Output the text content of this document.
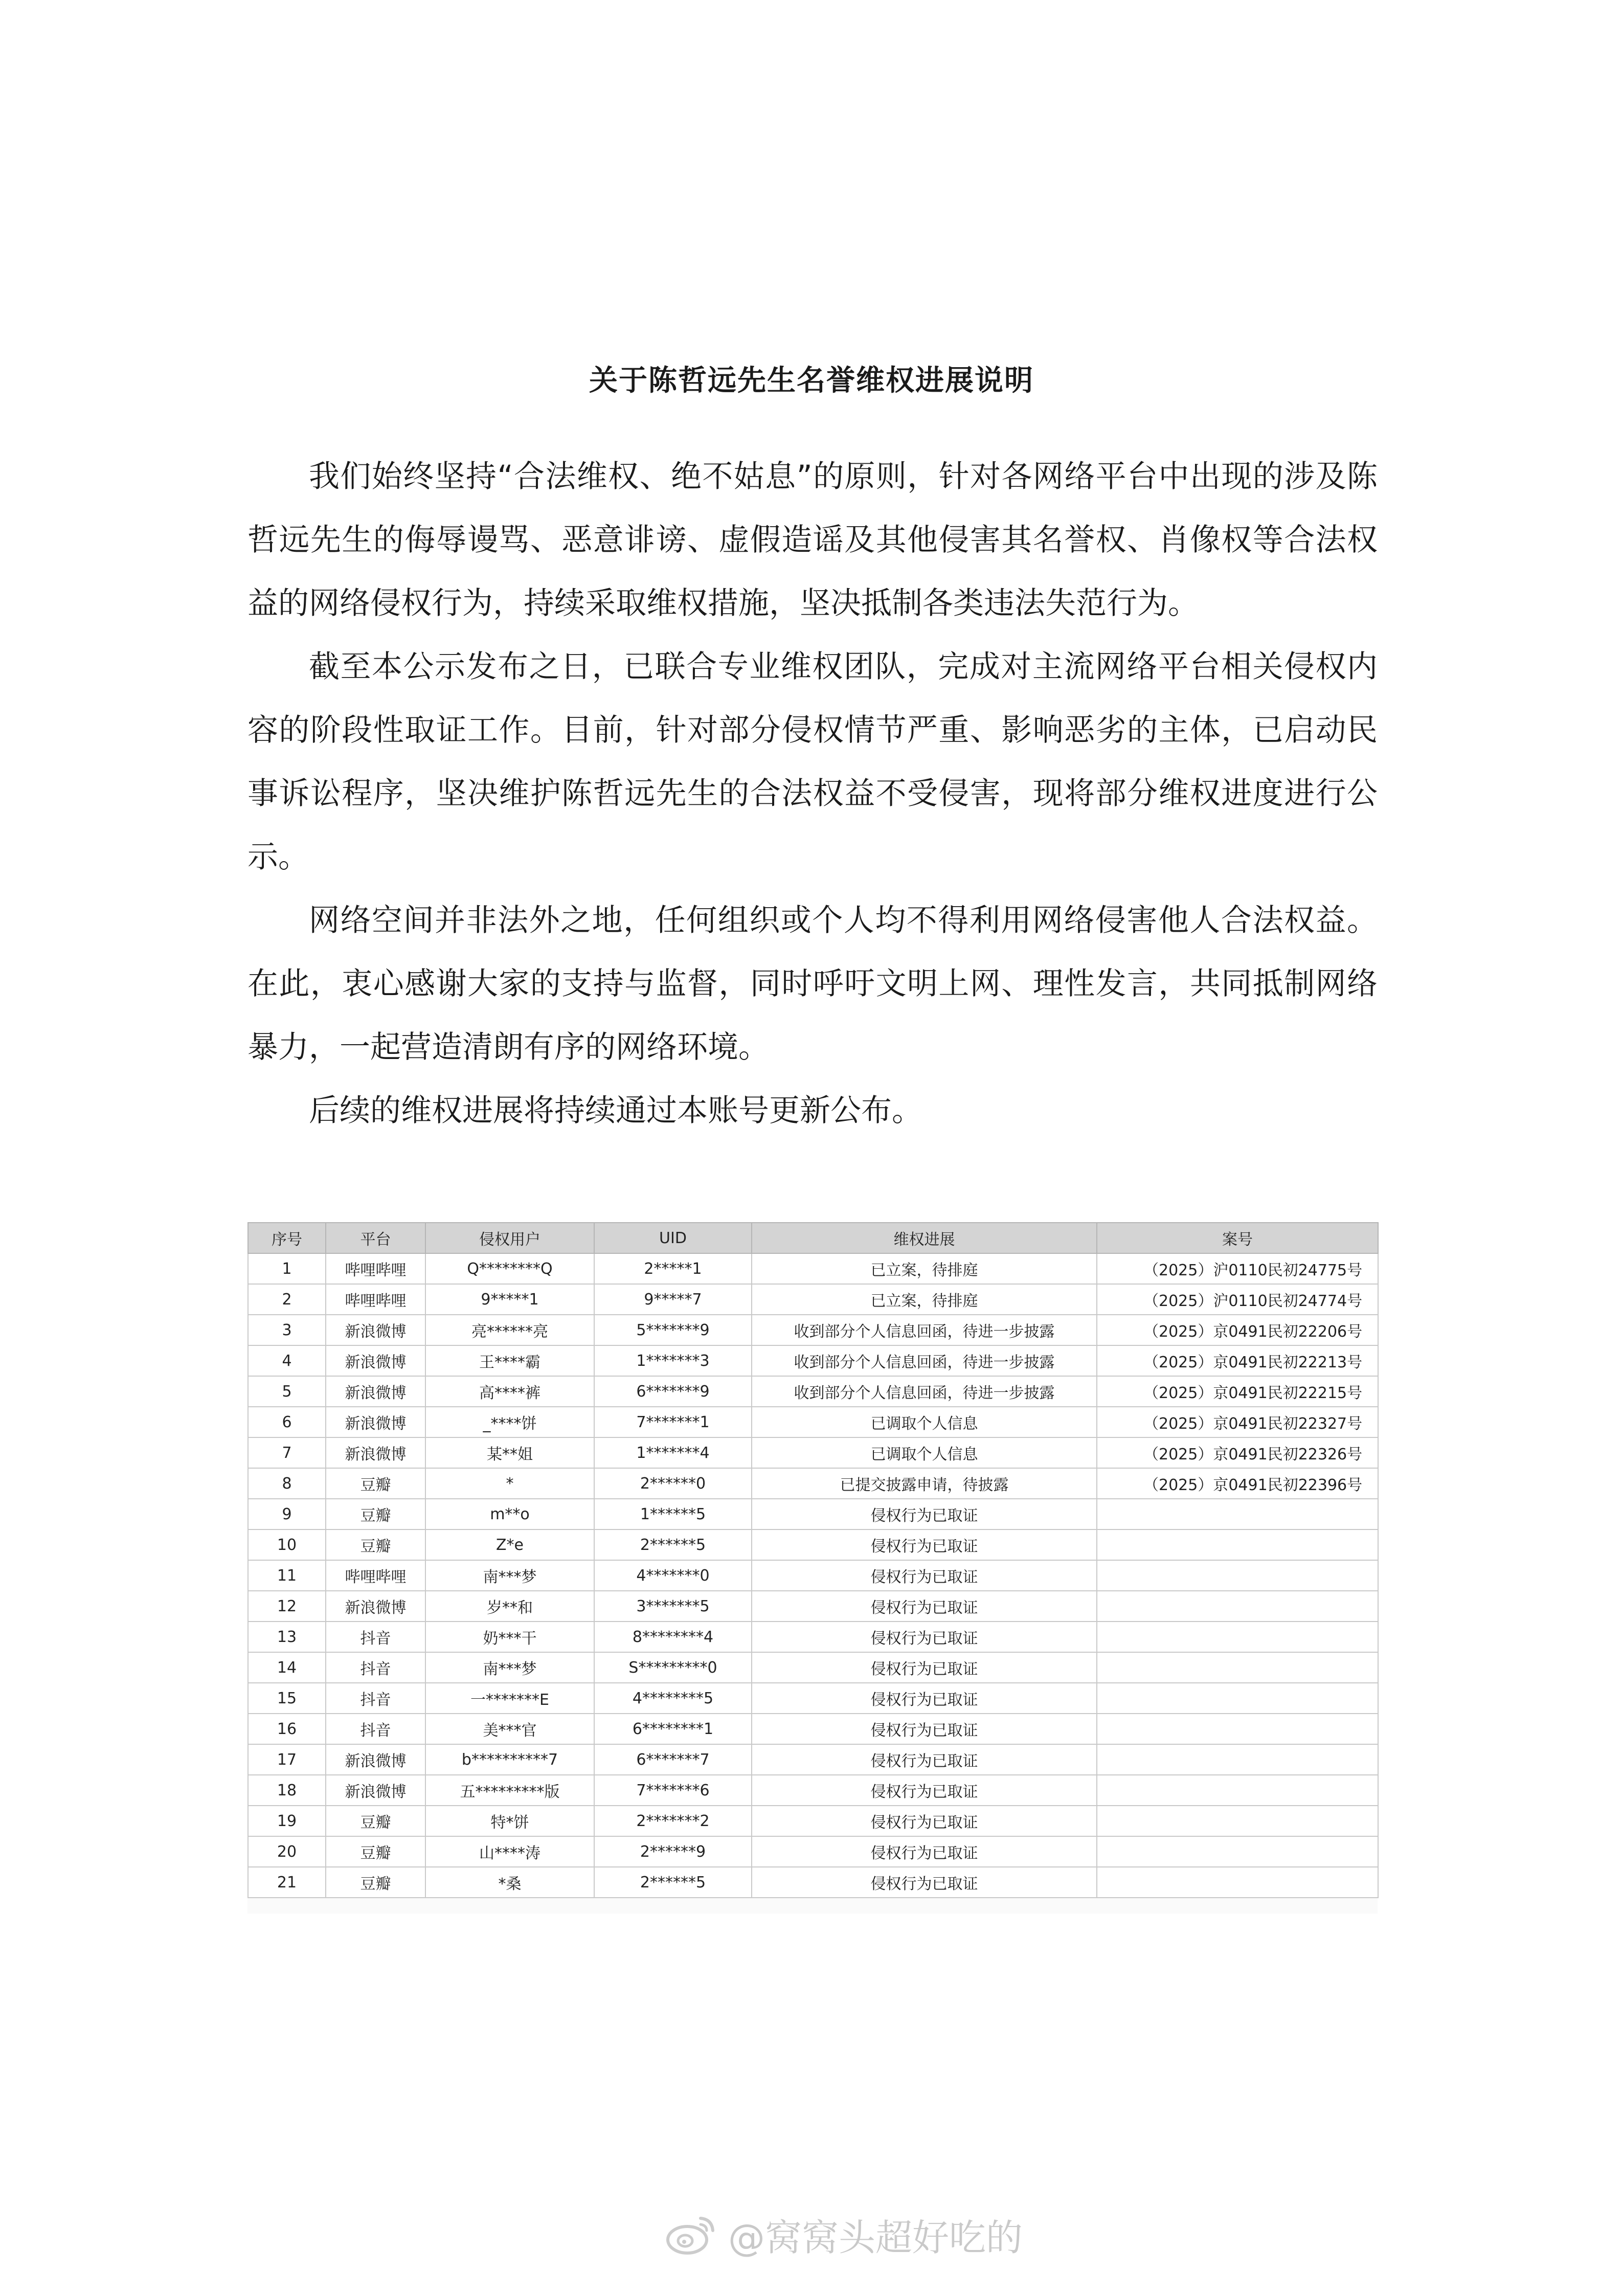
关于陈哲远先生名誉维权进展说明

我们始终坚持“合法维权、绝不姑息”的原则，针对各网络平台中出现的涉及陈哲远先生的侮辱谩骂、恶意诽谤、虚假造谣及其他侵害其名誉权、肖像权等合法权益的网络侵权行为，持续采取维权措施，坚决抵制各类违法失范行为。

截至本公示发布之日，已联合专业维权团队，完成对主流网络平台相关侵权内容的阶段性取证工作。目前，针对部分侵权情节严重、影响恶劣的主体，已启动民事诉讼程序，坚决维护陈哲远先生的合法权益不受侵害，现将部分维权进度进行公示。

网络空间并非法外之地，任何组织或个人均不得利用网络侵害他人合法权益。在此，衷心感谢大家的支持与监督，同时呼吁文明上网、理性发言，共同抵制网络暴力，一起营造清朗有序的网络环境。

后续的维权进展将持续通过本账号更新公布。

序号	平台	侵权用户	UID	维权进展	案号
1	哔哩哔哩	Q********Q	2*****1	已立案，待排庭	（2025）沪0110民初24775号
2	哔哩哔哩	9*****1	9*****7	已立案，待排庭	（2025）沪0110民初24774号
3	新浪微博	亮******亮	5*******9	收到部分个人信息回函，待进一步披露	（2025）京0491民初22206号
4	新浪微博	王****霸	1*******3	收到部分个人信息回函，待进一步披露	（2025）京0491民初22213号
5	新浪微博	高****裤	6*******9	收到部分个人信息回函，待进一步披露	（2025）京0491民初22215号
6	新浪微博	_****饼	7*******1	已调取个人信息	（2025）京0491民初22327号
7	新浪微博	某**姐	1*******4	已调取个人信息	（2025）京0491民初22326号
8	豆瓣	*	2******0	已提交披露申请，待披露	（2025）京0491民初22396号
9	豆瓣	m**o	1******5	侵权行为已取证	
10	豆瓣	Z*e	2******5	侵权行为已取证	
11	哔哩哔哩	南***梦	4*******0	侵权行为已取证	
12	新浪微博	岁**和	3*******5	侵权行为已取证	
13	抖音	奶***干	8********4	侵权行为已取证	
14	抖音	南***梦	S*********0	侵权行为已取证	
15	抖音	一*******E	4********5	侵权行为已取证	
16	抖音	美***官	6********1	侵权行为已取证	
17	新浪微博	b**********7	6*******7	侵权行为已取证	
18	新浪微博	五*********版	7*******6	侵权行为已取证	
19	豆瓣	特*饼	2*******2	侵权行为已取证	
20	豆瓣	山****涛	2******9	侵权行为已取证	
21	豆瓣	*桑	2******5	侵权行为已取证	
@窝窝头超好吃的
